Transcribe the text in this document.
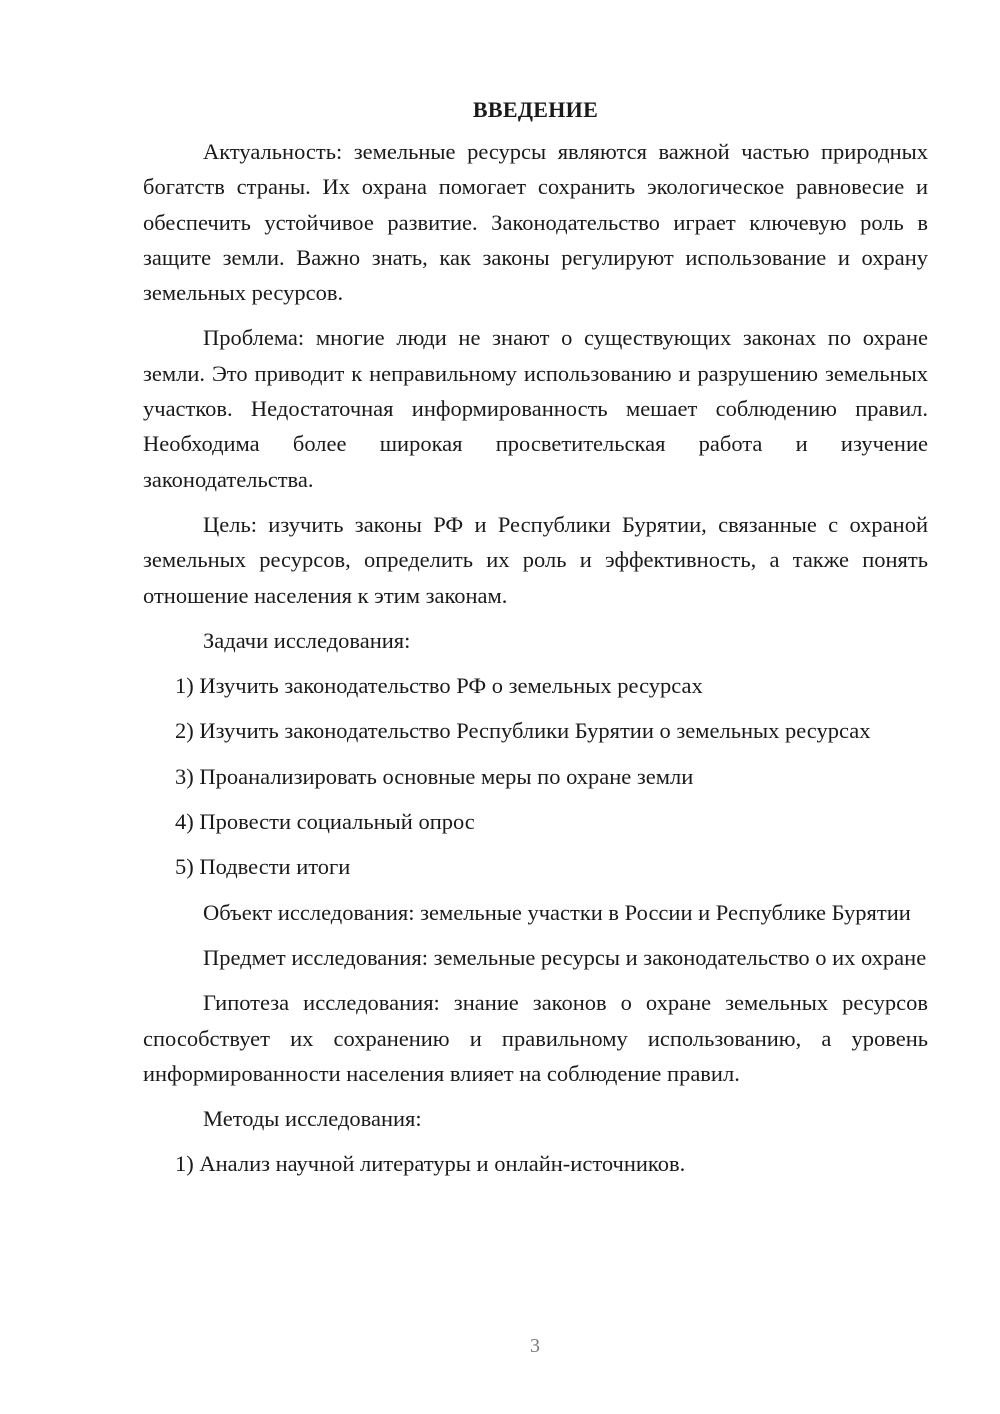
ВВЕДЕНИЕ

Актуальность: земельные ресурсы являются важной частью природных богатств страны. Их охрана помогает сохранить экологическое равновесие и обеспечить устойчивое развитие. Законодательство играет ключевую роль в защите земли. Важно знать, как законы регулируют использование и охрану земельных ресурсов.

Проблема: многие люди не знают о существующих законах по охране земли. Это приводит к неправильному использованию и разрушению земельных участков. Недостаточная информированность мешает соблюдению правил. Необходима более широкая просветительская работа и изучение законодательства.

Цель: изучить законы РФ и Республики Бурятии, связанные с охраной земельных ресурсов, определить их роль и эффективность, а также понять отношение населения к этим законам.

Задачи исследования:

1) Изучить законодательство РФ о земельных ресурсах

2) Изучить законодательство Республики Бурятии о земельных ресурсах

3) Проанализировать основные меры по охране земли

4) Провести социальный опрос

5) Подвести итоги

Объект исследования: земельные участки в России и Республике Бурятии

Предмет исследования: земельные ресурсы и законодательство о их охране

Гипотеза исследования: знание законов о охране земельных ресурсов способствует их сохранению и правильному использованию, а уровень информированности населения влияет на соблюдение правил.

Методы исследования:

1) Анализ научной литературы и онлайн-источников.

3
